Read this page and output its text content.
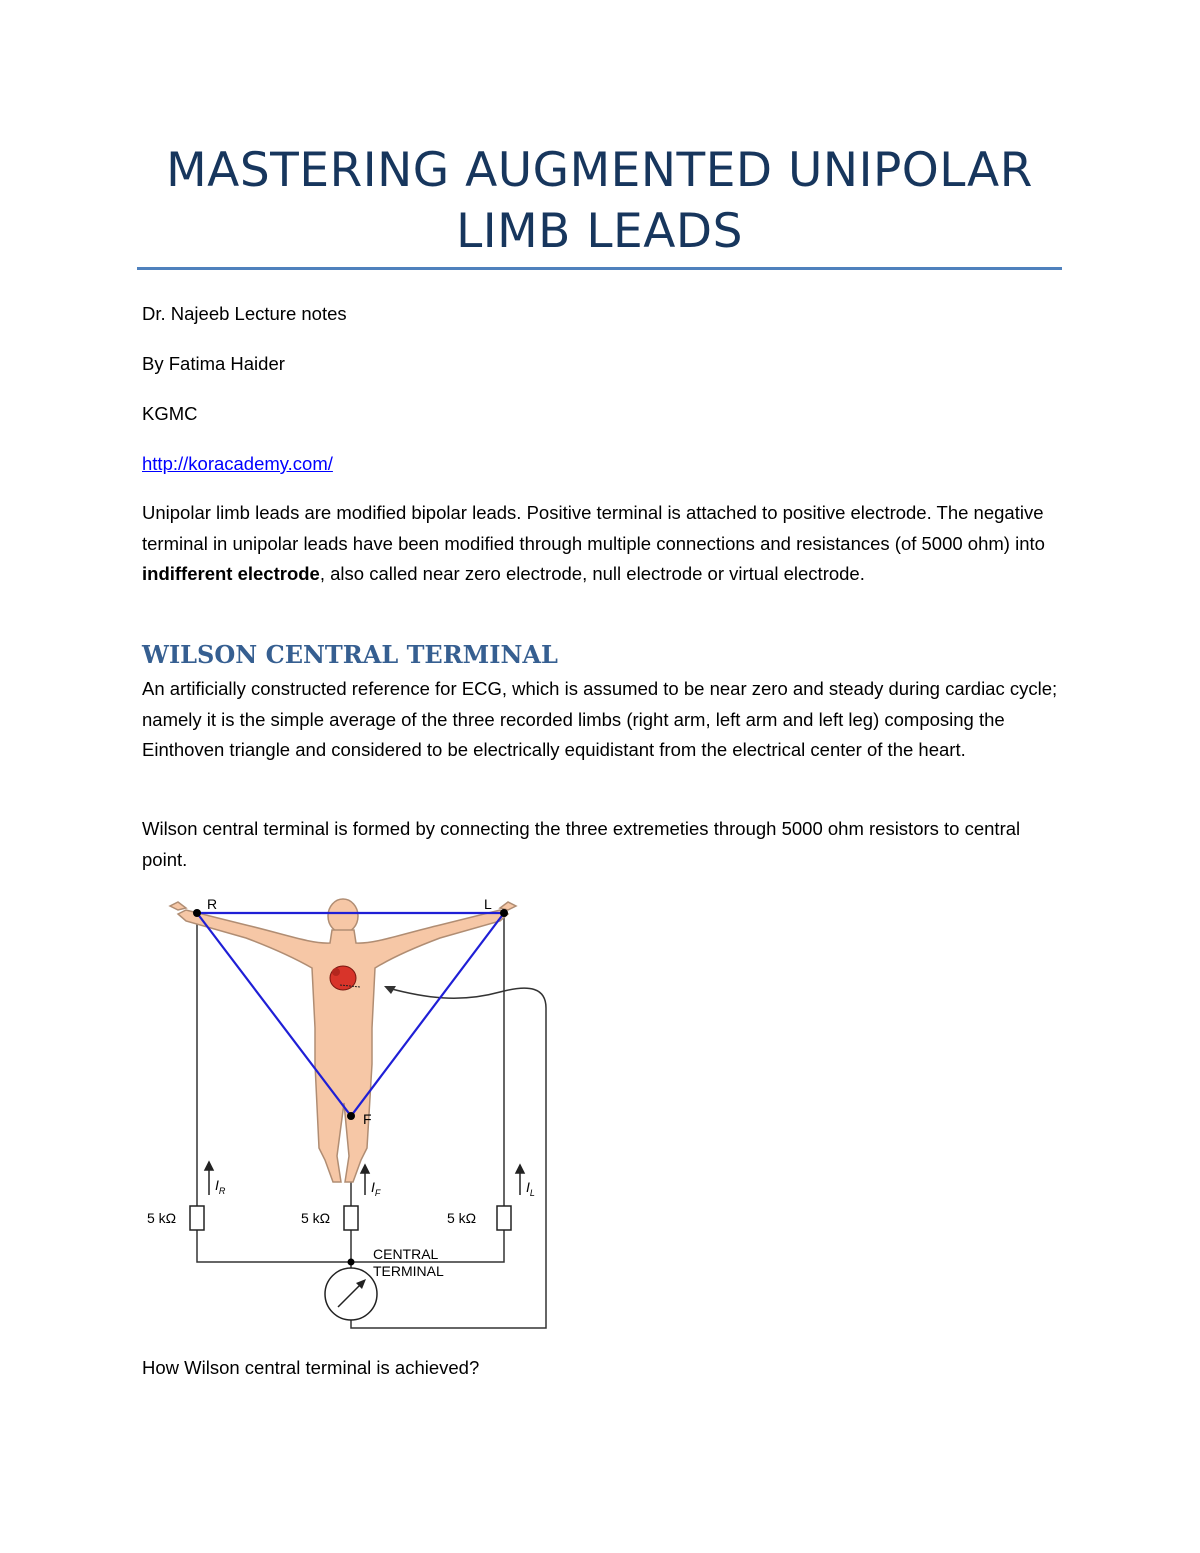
MASTERING AUGMENTED UNIPOLAR LIMB LEADS
Dr. Najeeb Lecture notes
By Fatima Haider
KGMC
http://koracademy.com/
Unipolar limb leads are modified bipolar leads. Positive terminal is attached to positive electrode. The negative terminal in unipolar leads have been modified through multiple connections and resistances (of 5000 ohm) into indifferent electrode, also called near zero electrode, null electrode or virtual electrode.
WILSON CENTRAL TERMINAL
An artificially constructed reference for ECG, which is assumed to be near zero and steady during cardiac cycle; namely it is the simple average of the three recorded limbs (right arm, left arm and left leg) composing the Einthoven triangle and considered to be electrically equidistant from the electrical center of the heart.
Wilson central terminal is formed by connecting the three extremeties through 5000 ohm resistors to central point.
R	L
F
$I_R$	$I_F$	$I_L$
5 kΩ	5 kΩ	5 kΩ
CENTRAL
TERMINAL
How Wilson central terminal is achieved?
